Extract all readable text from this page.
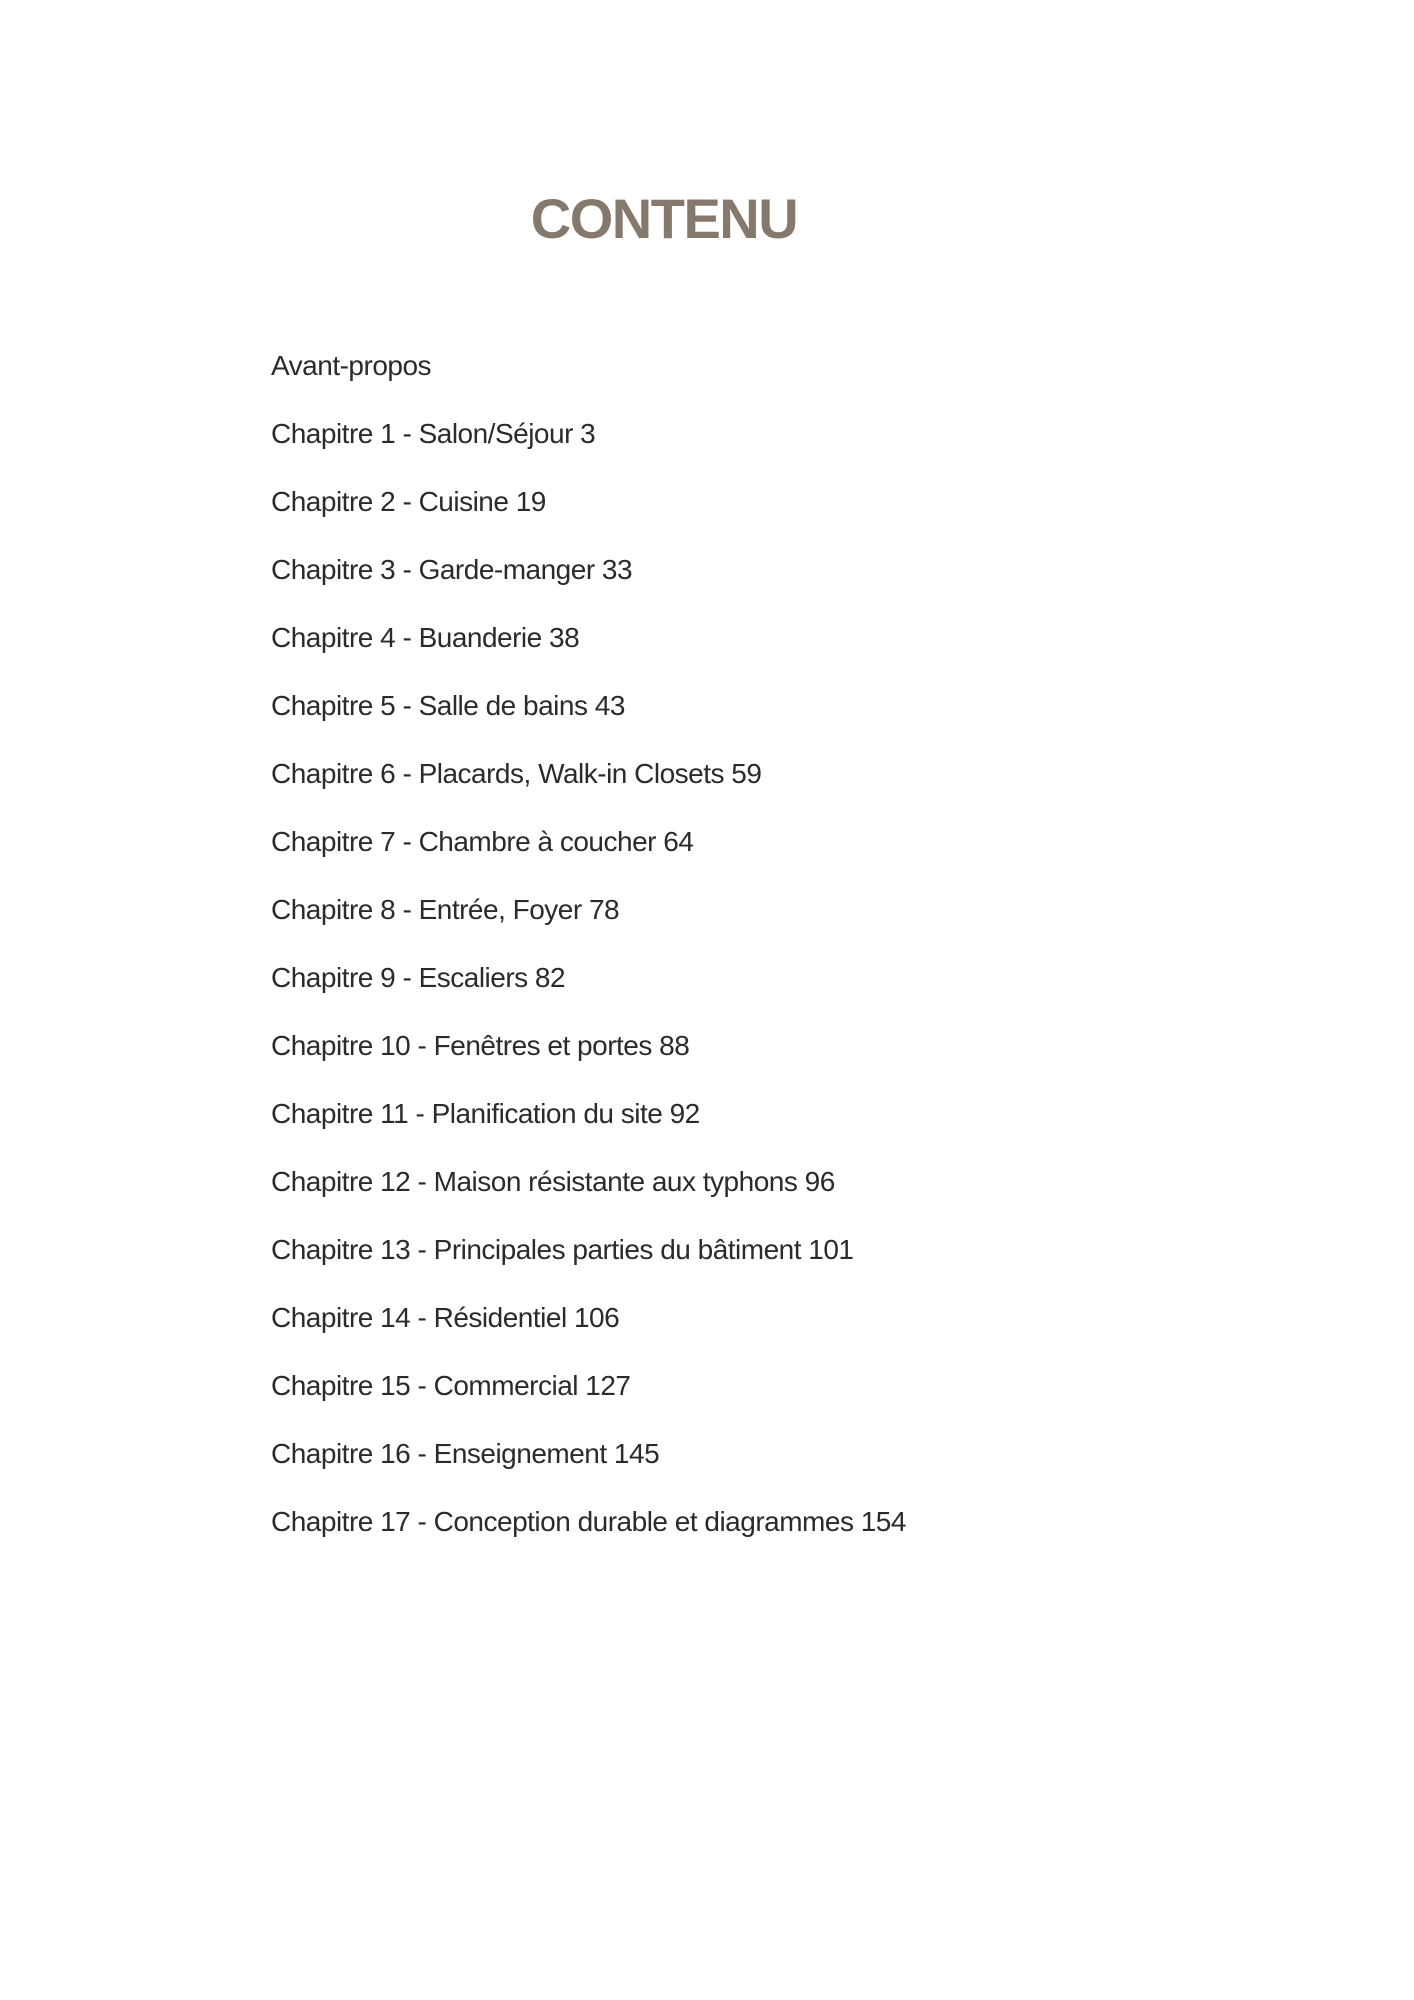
CONTENU

Avant-propos

Chapitre 1 - Salon/Séjour 3

Chapitre 2 - Cuisine 19

Chapitre 3 - Garde-manger 33

Chapitre 4 - Buanderie 38

Chapitre 5 - Salle de bains 43

Chapitre 6 - Placards, Walk-in Closets 59

Chapitre 7 - Chambre à coucher 64

Chapitre 8 - Entrée, Foyer 78

Chapitre 9 - Escaliers 82

Chapitre 10 - Fenêtres et portes 88

Chapitre 11 - Planification du site 92

Chapitre 12 - Maison résistante aux typhons 96

Chapitre 13 - Principales parties du bâtiment 101

Chapitre 14 - Résidentiel 106

Chapitre 15 - Commercial 127

Chapitre 16 - Enseignement 145

Chapitre 17 - Conception durable et diagrammes 154
